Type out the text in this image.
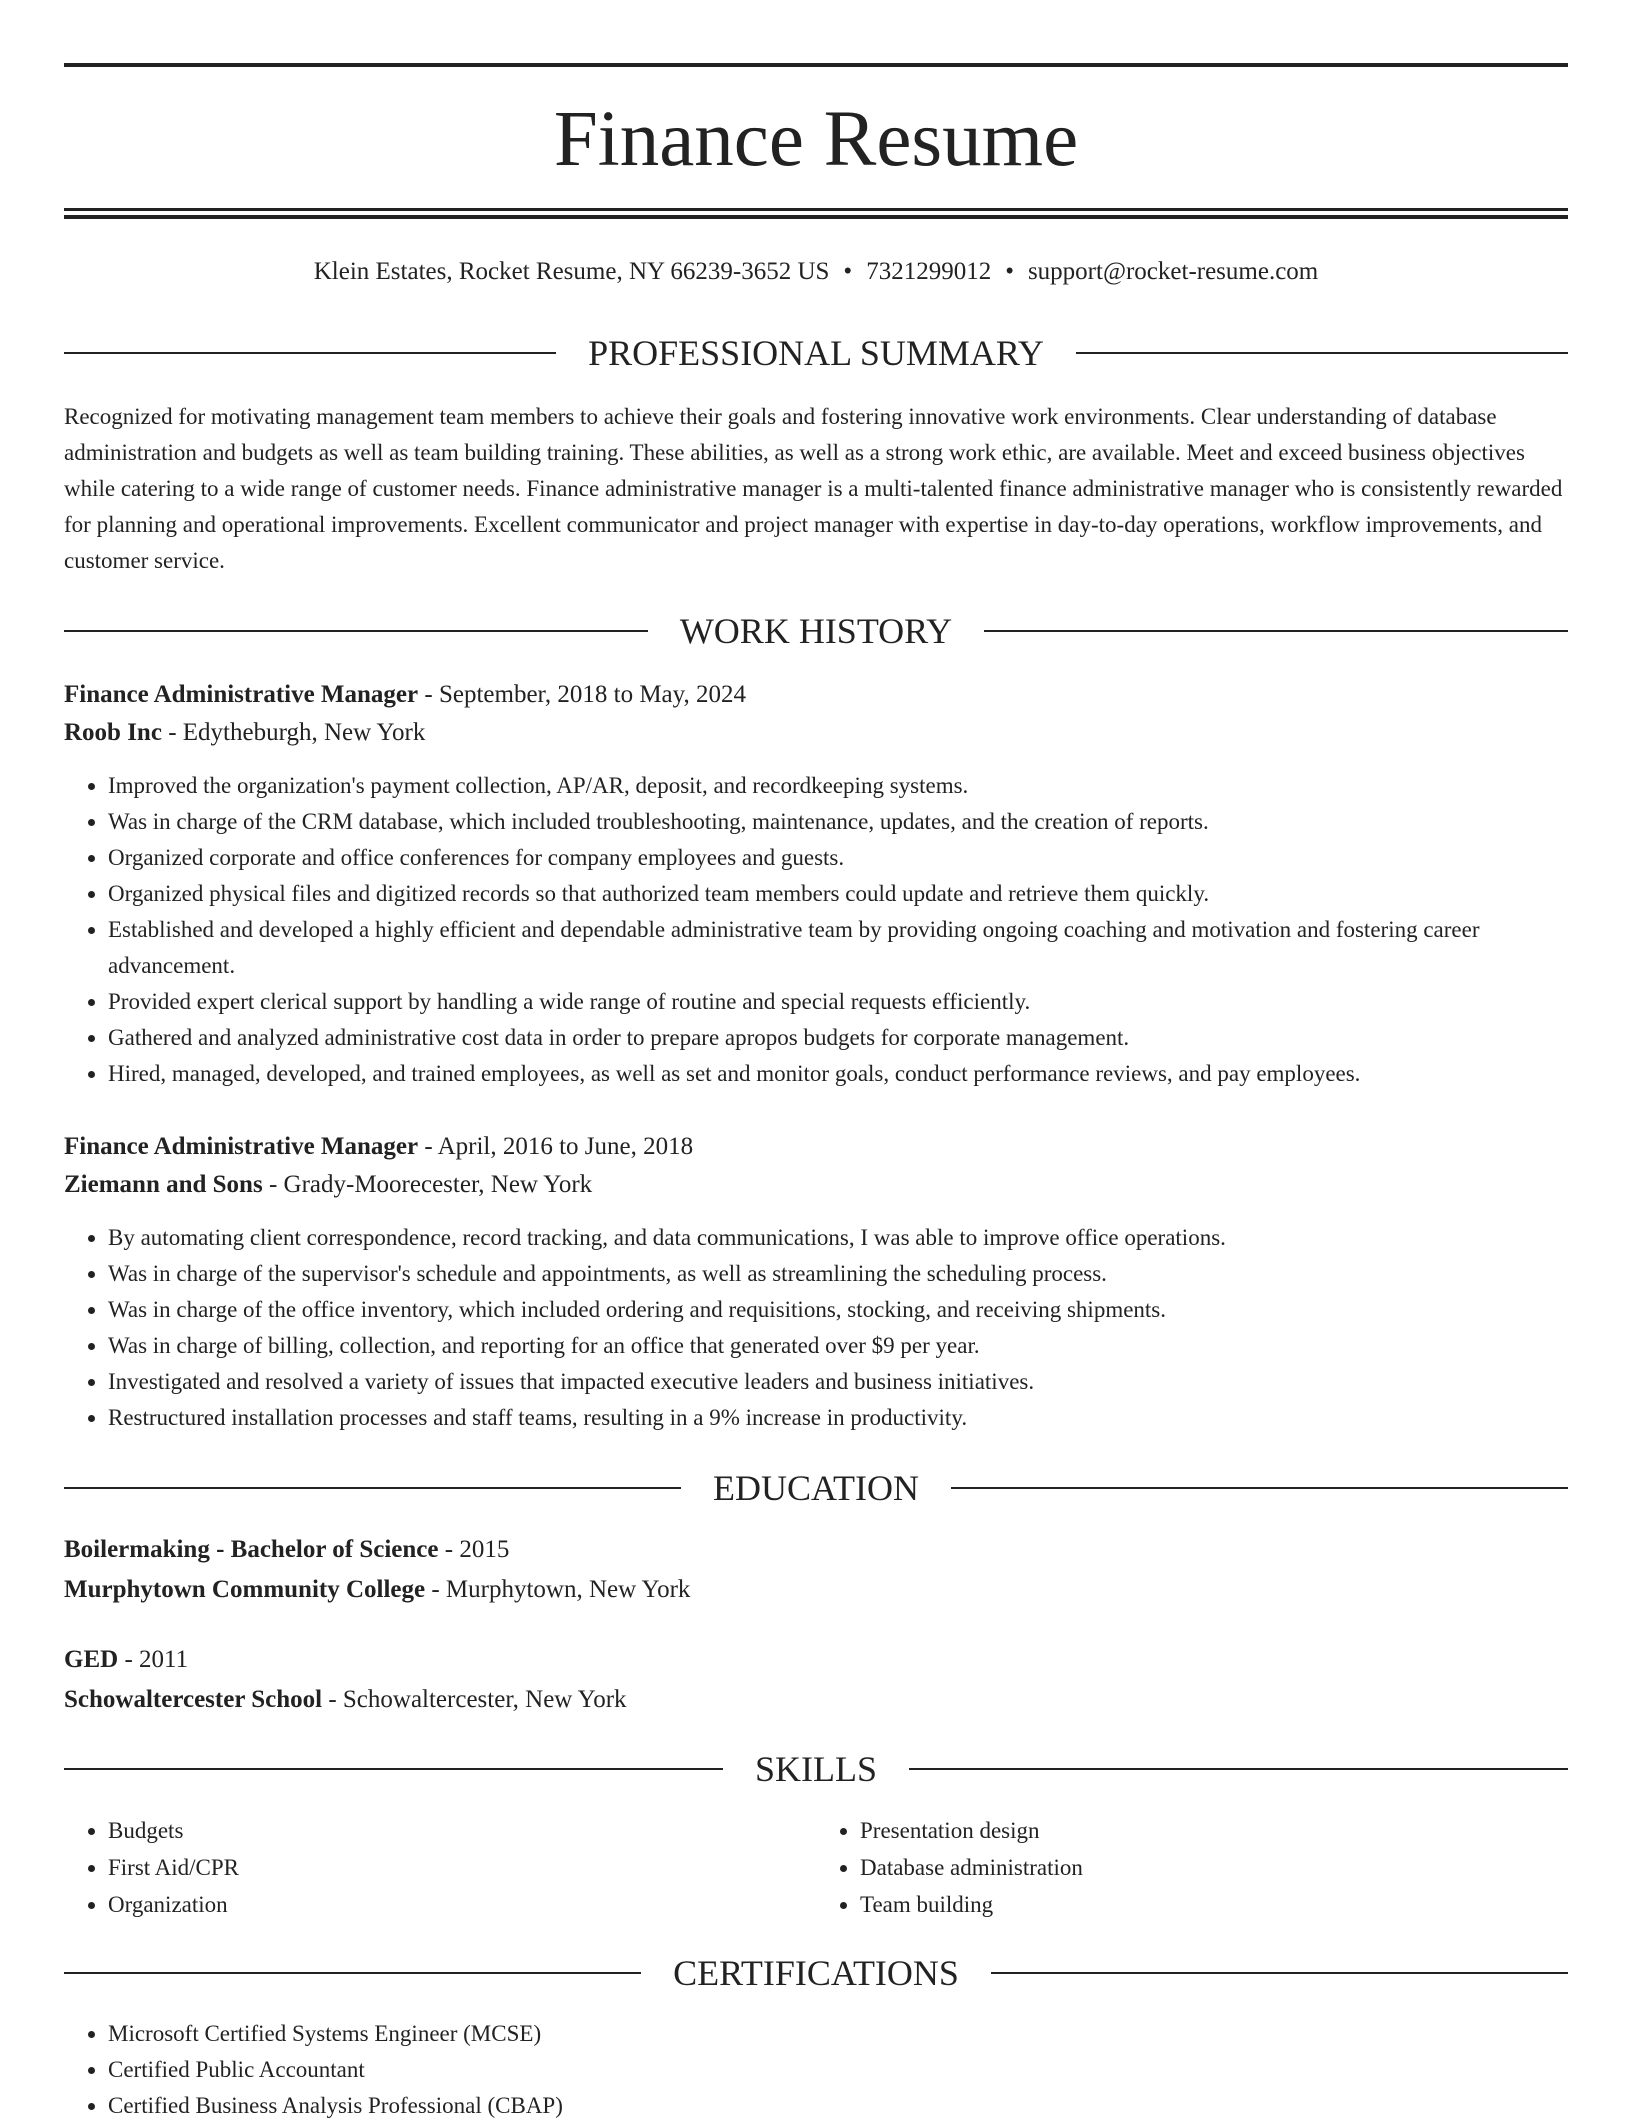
Finance Resume
Klein Estates, Rocket Resume, NY 66239-3652 US • 7321299012 • support@rocket-resume.com
PROFESSIONAL SUMMARY

Recognized for motivating management team members to achieve their goals and fostering innovative work environments. Clear understanding of database administration and budgets as well as team building training. These abilities, as well as a strong work ethic, are available. Meet and exceed business objectives while catering to a wide range of customer needs. Finance administrative manager is a multi-talented finance administrative manager who is consistently rewarded for planning and operational improvements. Excellent communicator and project manager with expertise in day-to-day operations, workflow improvements, and customer service.

WORK HISTORY
Finance Administrative Manager - September, 2018 to May, 2024
Roob Inc - Edytheburgh, New York
• Improved the organization's payment collection, AP/AR, deposit, and recordkeeping systems.
• Was in charge of the CRM database, which included troubleshooting, maintenance, updates, and the creation of reports.
• Organized corporate and office conferences for company employees and guests.
• Organized physical files and digitized records so that authorized team members could update and retrieve them quickly.
• Established and developed a highly efficient and dependable administrative team by providing ongoing coaching and motivation and fostering career advancement.
• Provided expert clerical support by handling a wide range of routine and special requests efficiently.
• Gathered and analyzed administrative cost data in order to prepare apropos budgets for corporate management.
• Hired, managed, developed, and trained employees, as well as set and monitor goals, conduct performance reviews, and pay employees.
Finance Administrative Manager - April, 2016 to June, 2018
Ziemann and Sons - Grady-Moorecester, New York
• By automating client correspondence, record tracking, and data communications, I was able to improve office operations.
• Was in charge of the supervisor's schedule and appointments, as well as streamlining the scheduling process.
• Was in charge of the office inventory, which included ordering and requisitions, stocking, and receiving shipments.
• Was in charge of billing, collection, and reporting for an office that generated over $9 per year.
• Investigated and resolved a variety of issues that impacted executive leaders and business initiatives.
• Restructured installation processes and staff teams, resulting in a 9% increase in productivity.
EDUCATION
Boilermaking - Bachelor of Science - 2015
Murphytown Community College - Murphytown, New York
GED - 2011
Schowaltercester School - Schowaltercester, New York
SKILLS
• Budgets
• First Aid/CPR
• Organization
• Presentation design
• Database administration
• Team building
CERTIFICATIONS
• Microsoft Certified Systems Engineer (MCSE)
• Certified Public Accountant
• Certified Business Analysis Professional (CBAP)
